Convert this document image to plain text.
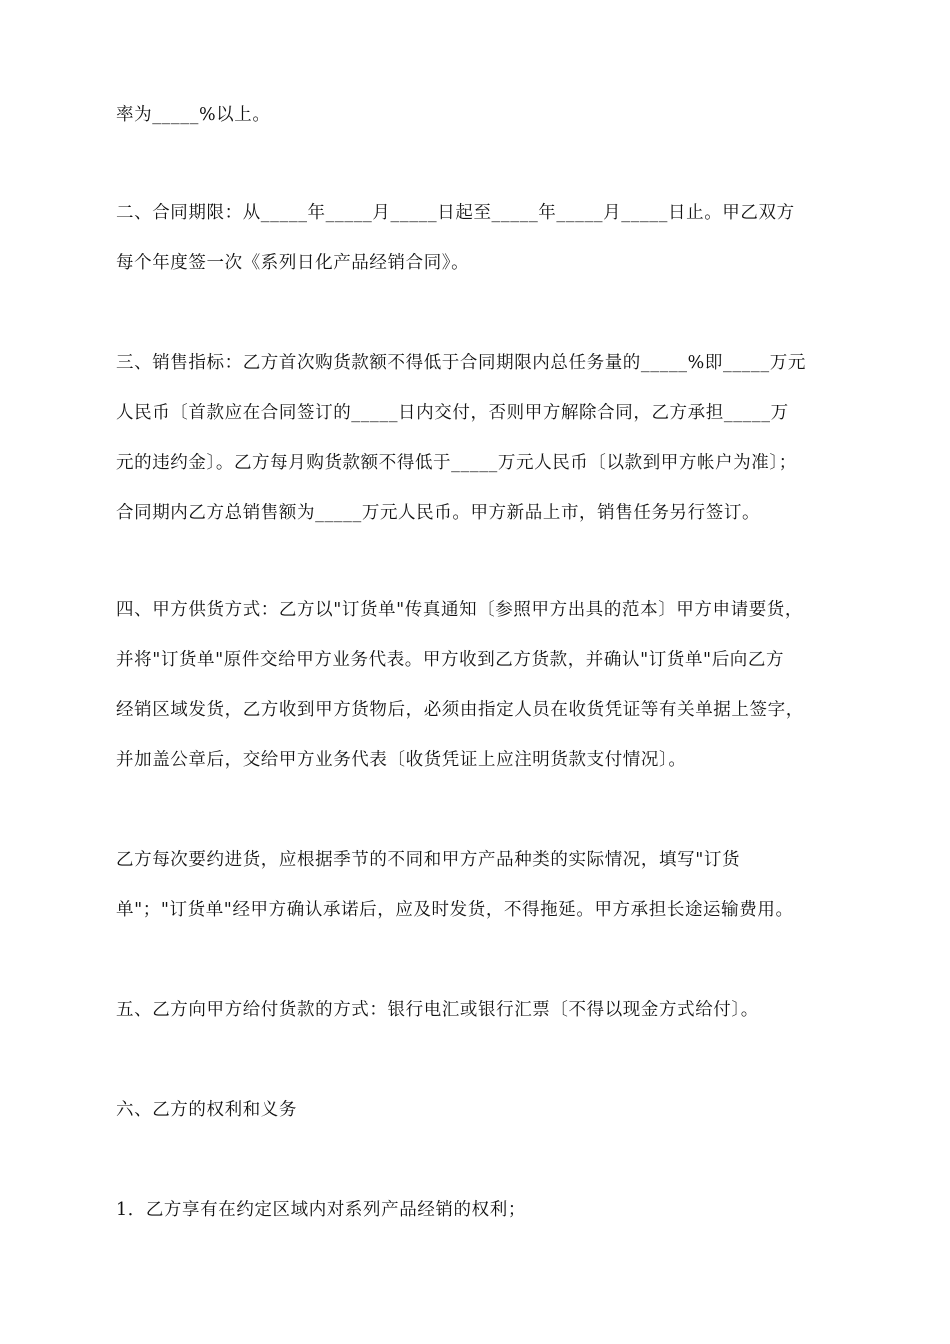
率为_____%以上。

二、合同期限：从_____年_____月_____日起至_____年_____月_____日止。甲乙双方
每个年度签一次《系列日化产品经销合同》。

三、销售指标：乙方首次购货款额不得低于合同期限内总任务量的_____%即_____万元
人民币〔首款应在合同签订的_____日内交付，否则甲方解除合同，乙方承担_____万
元的违约金〕。乙方每月购货款额不得低于_____万元人民币〔以款到甲方帐户为准〕；
合同期内乙方总销售额为_____万元人民币。甲方新品上市，销售任务另行签订。

四、甲方供货方式：乙方以"订货单"传真通知〔参照甲方出具的范本〕甲方申请要货，
并将"订货单"原件交给甲方业务代表。甲方收到乙方货款，并确认"订货单"后向乙方
经销区域发货，乙方收到甲方货物后，必须由指定人员在收货凭证等有关单据上签字，
并加盖公章后，交给甲方业务代表〔收货凭证上应注明货款支付情况〕。

乙方每次要约进货，应根据季节的不同和甲方产品种类的实际情况，填写"订货
单"；"订货单"经甲方确认承诺后，应及时发货，不得拖延。甲方承担长途运输费用。

五、乙方向甲方给付货款的方式：银行电汇或银行汇票〔不得以现金方式给付〕。

六、乙方的权利和义务

1．乙方享有在约定区域内对系列产品经销的权利；
